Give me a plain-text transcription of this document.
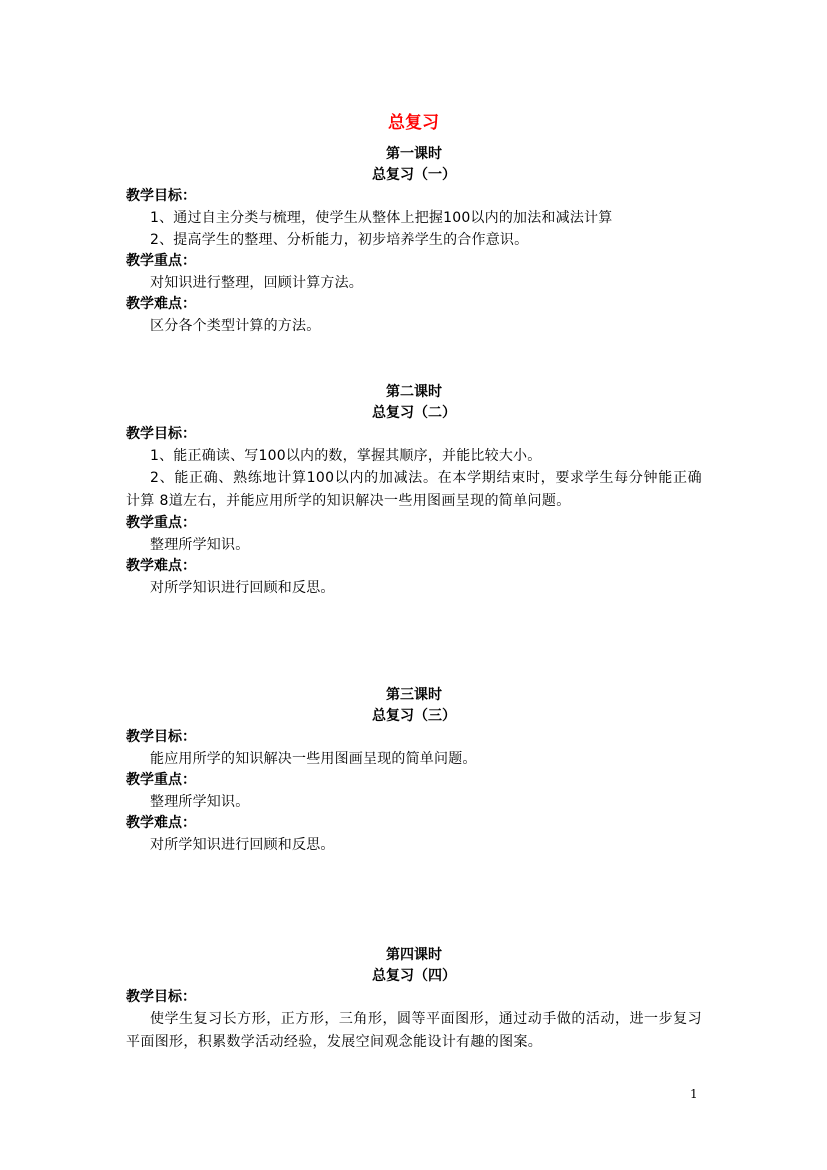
总复习
第一课时
总复习（一）
教学目标：

1、通过自主分类与梳理，使学生从整体上把握100以内的加法和减法计算

2、提高学生的整理、分析能力，初步培养学生的合作意识。

教学重点：

对知识进行整理，回顾计算方法。

教学难点：

区分各个类型计算的方法。

第二课时
总复习（二）
教学目标：

1、能正确读、写100以内的数，掌握其顺序，并能比较大小。

2、能正确、熟练地计算100以内的加减法。在本学期结束时，要求学生每分钟能正确计算 8道左右，并能应用所学的知识解决一些用图画呈现的简单问题。

教学重点：

整理所学知识。

教学难点：

对所学知识进行回顾和反思。

第三课时
总复习（三）
教学目标：

能应用所学的知识解决一些用图画呈现的简单问题。

教学重点：

整理所学知识。

教学难点：

对所学知识进行回顾和反思。

第四课时
总复习（四）
教学目标：

使学生复习长方形，正方形，三角形，圆等平面图形，通过动手做的活动，进一步复习平面图形，积累数学活动经验，发展空间观念能设计有趣的图案。

1
